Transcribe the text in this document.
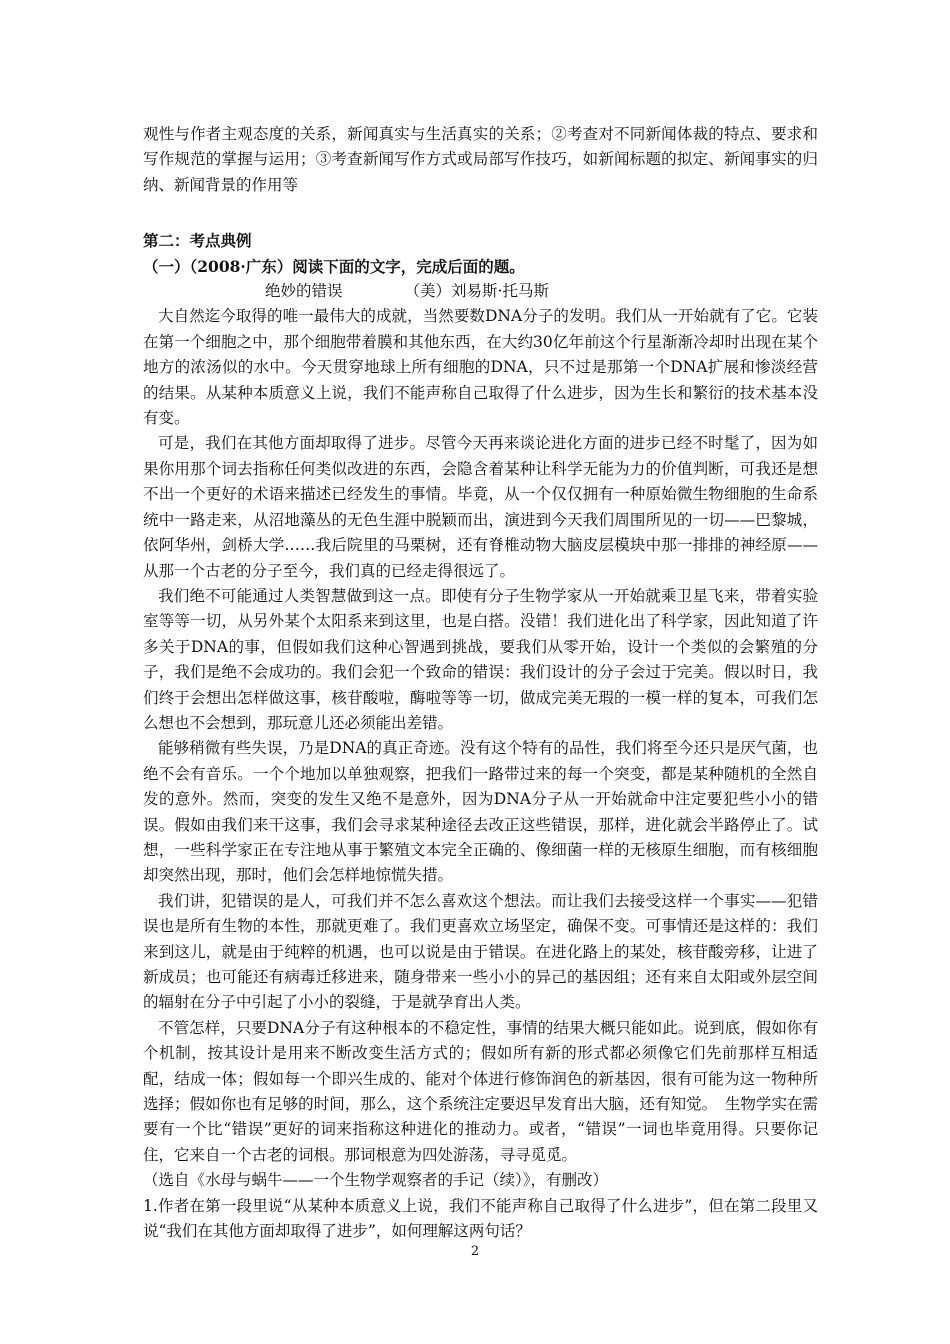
观性与作者主观态度的关系，新闻真实与生活真实的关系；②考查对不同新闻体裁的特点、要求和写作规范的掌握与运用；③考查新闻写作方式或局部写作技巧，如新闻标题的拟定、新闻事实的归纳、新闻背景的作用等

第二：考点典例

（一）（2008·广东）阅读下面的文字，完成后面的题。

绝妙的错误	（美）刘易斯·托马斯

大自然迄今取得的唯一最伟大的成就，当然要数DNA分子的发明。我们从一开始就有了它。它装在第一个细胞之中，那个细胞带着膜和其他东西，在大约30亿年前这个行星渐渐冷却时出现在某个地方的浓汤似的水中。今天贯穿地球上所有细胞的DNA，只不过是那第一个DNA扩展和惨淡经营的结果。从某种本质意义上说，我们不能声称自己取得了什么进步，因为生长和繁衍的技术基本没有变。

可是，我们在其他方面却取得了进步。尽管今天再来谈论进化方面的进步已经不时髦了，因为如果你用那个词去指称任何类似改进的东西，会隐含着某种让科学无能为力的价值判断，可我还是想不出一个更好的术语来描述已经发生的事情。毕竟，从一个仅仅拥有一种原始微生物细胞的生命系统中一路走来，从沼地藻丛的无色生涯中脱颖而出，演进到今天我们周围所见的一切——巴黎城，依阿华州，剑桥大学……我后院里的马栗树，还有脊椎动物大脑皮层模块中那一排排的神经原——从那一个古老的分子至今，我们真的已经走得很远了。

我们绝不可能通过人类智慧做到这一点。即使有分子生物学家从一开始就乘卫星飞来，带着实验室等等一切，从另外某个太阳系来到这里，也是白搭。没错！我们进化出了科学家，因此知道了许多关于DNA的事，但假如我们这种心智遇到挑战，要我们从零开始，设计一个类似的会繁殖的分子，我们是绝不会成功的。我们会犯一个致命的错误：我们设计的分子会过于完美。假以时日，我们终于会想出怎样做这事，核苷酸啦，酶啦等等一切，做成完美无瑕的一模一样的复本，可我们怎么想也不会想到，那玩意儿还必须能出差错。

能够稍微有些失误，乃是DNA的真正奇迹。没有这个特有的品性，我们将至今还只是厌气菌，也绝不会有音乐。一个个地加以单独观察，把我们一路带过来的每一个突变，都是某种随机的全然自发的意外。然而，突变的发生又绝不是意外，因为DNA分子从一开始就命中注定要犯些小小的错误。假如由我们来干这事，我们会寻求某种途径去改正这些错误，那样，进化就会半路停止了。试想，一些科学家正在专注地从事于繁殖文本完全正确的、像细菌一样的无核原生细胞，而有核细胞却突然出现，那时，他们会怎样地惊慌失措。

我们讲，犯错误的是人，可我们并不怎么喜欢这个想法。而让我们去接受这样一个事实——犯错误也是所有生物的本性，那就更难了。我们更喜欢立场坚定，确保不变。可事情还是这样的：我们来到这儿，就是由于纯粹的机遇，也可以说是由于错误。在进化路上的某处，核苷酸旁移，让进了新成员；也可能还有病毒迁移进来，随身带来一些小小的异己的基因组；还有来自太阳或外层空间的辐射在分子中引起了小小的裂缝，于是就孕育出人类。

不管怎样，只要DNA分子有这种根本的不稳定性，事情的结果大概只能如此。说到底，假如你有个机制，按其设计是用来不断改变生活方式的；假如所有新的形式都必须像它们先前那样互相适配，结成一体；假如每一个即兴生成的、能对个体进行修饰润色的新基因，很有可能为这一物种所选择；假如你也有足够的时间，那么，这个系统注定要迟早发育出大脑，还有知觉。　生物学实在需要有一个比“错误”更好的词来指称这种进化的推动力。或者，“错误”一词也毕竟用得。只要你记住，它来自一个古老的词根。那词根意为四处游荡，寻寻觅觅。

（选自《水母与蜗牛——一个生物学观察者的手记（续）》，有删改）

1.作者在第一段里说“从某种本质意义上说，我们不能声称自己取得了什么进步”，但在第二段里又说“我们在其他方面却取得了进步”，如何理解这两句话？

2
